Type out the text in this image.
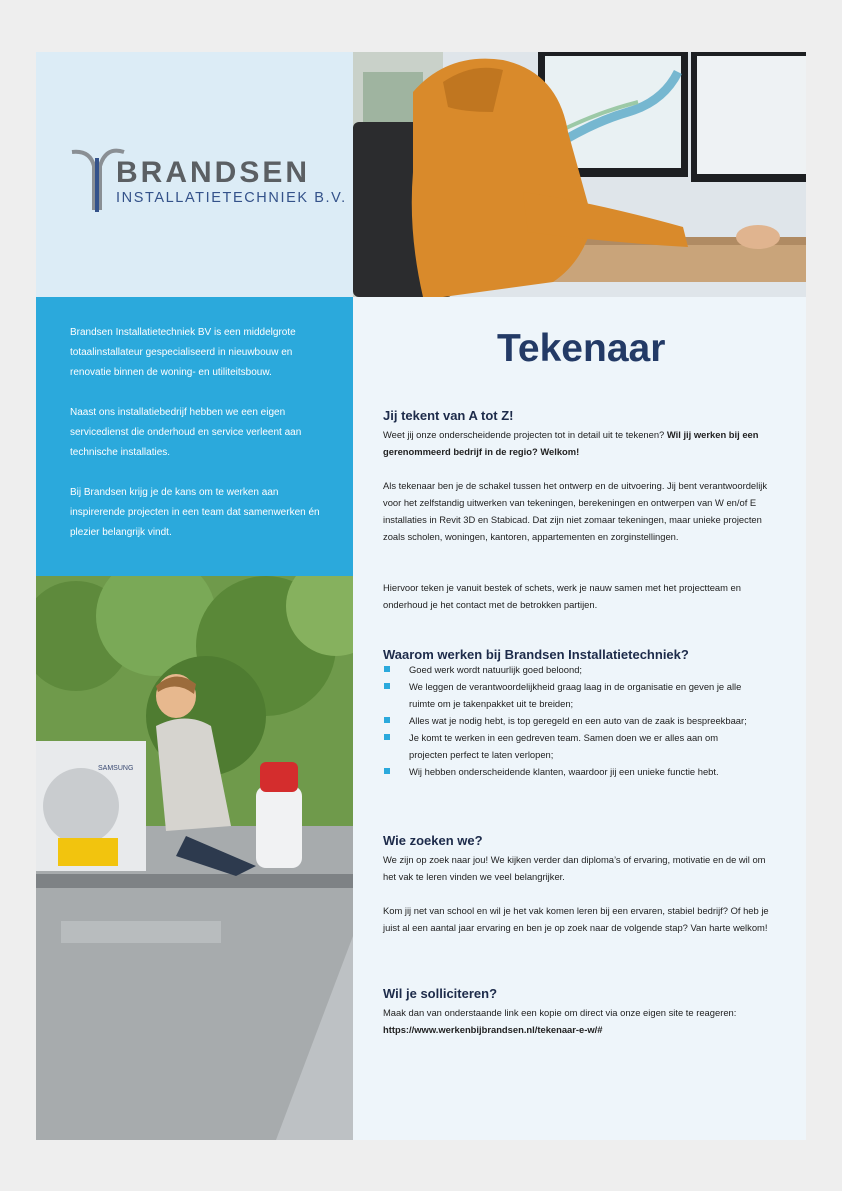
BRANDSEN
INSTALLATIETECHNIEK B.V.

Brandsen Installatietechniek BV is een middelgrote totaalinstallateur gespecialiseerd in nieuwbouw en renovatie binnen de woning- en utiliteitsbouw.

Naast ons installatiebedrijf hebben we een eigen servicedienst die onderhoud en service verleent aan technische installaties.

Bij Brandsen krijg je de kans om te werken aan inspirerende projecten in een team dat samenwerken én plezier belangrijk vindt.

SAMSUNG
Tekenaar
Jij tekent van A tot Z!

Weet jij onze onderscheidende projecten tot in detail uit te tekenen? Wil jij werken bij een gerenommeerd bedrijf in de regio? Welkom!

Als tekenaar ben je de schakel tussen het ontwerp en de uitvoering. Jij bent verantwoordelijk voor het zelfstandig uitwerken van tekeningen, berekeningen en ontwerpen van W en/of E installaties in Revit 3D en Stabicad. Dat zijn niet zomaar tekeningen, maar unieke projecten zoals scholen, woningen, kantoren, appartementen en zorginstellingen.

Hiervoor teken je vanuit bestek of schets, werk je nauw samen met het projectteam en onderhoud je het contact met de betrokken partijen.

Waarom werken bij Brandsen Installatietechniek?
Goed werk wordt natuurlijk goed beloond;
We leggen de verantwoordelijkheid graag laag in de organisatie en geven je alle ruimte om je takenpakket uit te breiden;
Alles wat je nodig hebt, is top geregeld en een auto van de zaak is bespreekbaar;
Je komt te werken in een gedreven team. Samen doen we er alles aan om projecten perfect te laten verlopen;
Wij hebben onderscheidende klanten, waardoor jij een unieke functie hebt.
Wie zoeken we?

We zijn op zoek naar jou! We kijken verder dan diploma’s of ervaring, motivatie en de wil om het vak te leren vinden we veel belangrijker.

Kom jij net van school en wil je het vak komen leren bij een ervaren, stabiel bedrijf? Of heb je juist al een aantal jaar ervaring en ben je op zoek naar de volgende stap? Van harte welkom!

Wil je solliciteren?

Maak dan van onderstaande link een kopie om direct via onze eigen site te reageren:

https://www.werkenbijbrandsen.nl/tekenaar-e-w/#
